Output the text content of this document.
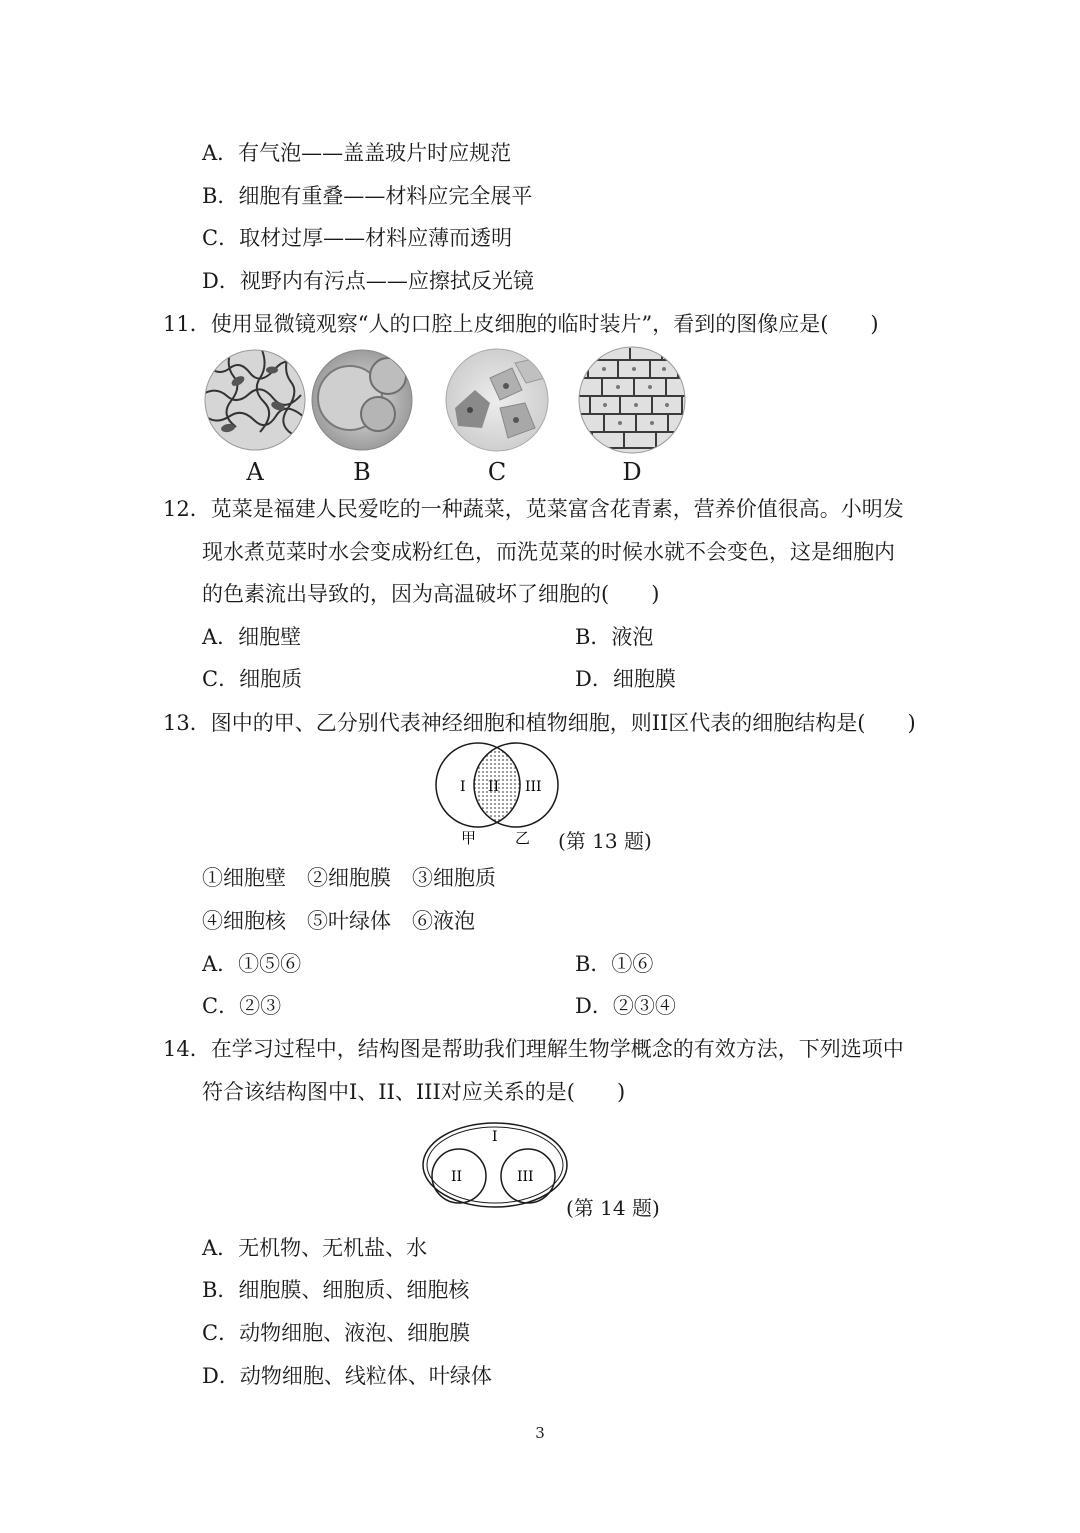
A．有气泡——盖盖玻片时应规范
B．细胞有重叠——材料应完全展平
C．取材过厚——材料应薄而透明
D．视野内有污点——应擦拭反光镜
11．使用显微镜观察“人的口腔上皮细胞的临时装片”，看到的图像应是(　　)
A	B	C	D
12．苋菜是福建人民爱吃的一种蔬菜，苋菜富含花青素，营养价值很高。小明发
现水煮苋菜时水会变成粉红色，而洗苋菜的时候水就不会变色，这是细胞内
的色素流出导致的，因为高温破坏了细胞的(　　)
A．细胞壁	B．液泡
C．细胞质	D．细胞膜
13．图中的甲、乙分别代表神经细胞和植物细胞，则II区代表的细胞结构是(　　)
I II III
甲	乙 (第 13 题)
①细胞壁　②细胞膜　③细胞质
④细胞核　⑤叶绿体　⑥液泡
A．①⑤⑥	B．①⑥
C．②③	D．②③④
14．在学习过程中，结构图是帮助我们理解生物学概念的有效方法，下列选项中
符合该结构图中I、II、III对应关系的是(　　)
I
II	III
(第 14 题)
A．无机物、无机盐、水
B．细胞膜、细胞质、细胞核
C．动物细胞、液泡、细胞膜
D．动物细胞、线粒体、叶绿体
3
